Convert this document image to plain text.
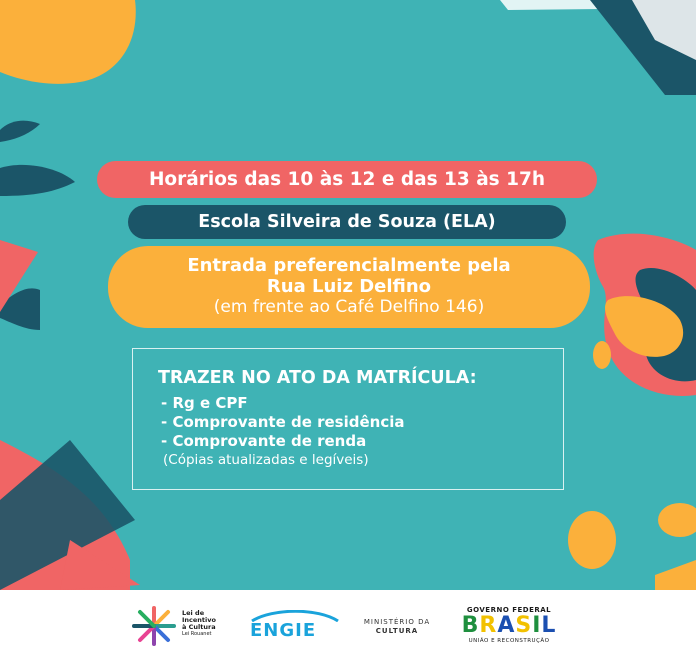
Horários das 10 às 12 e das 13 às 17h
Escola Silveira de Souza (ELA)
Entrada preferencialmente pela
Rua Luiz Delfino
(em frente ao Café Delfino 146)
TRAZER NO ATO DA MATRÍCULA:
- Rg e CPF
- Comprovante de residência
- Comprovante de renda
(Cópias atualizadas e legíveis)
Lei de
Incentivo
à Cultura
Lei Rouanet	ENGIE	MINISTÉRIO DA
CULTURA
GOVERNO FEDERAL
BRASIL
UNIÃO E RECONSTRUÇÃO
